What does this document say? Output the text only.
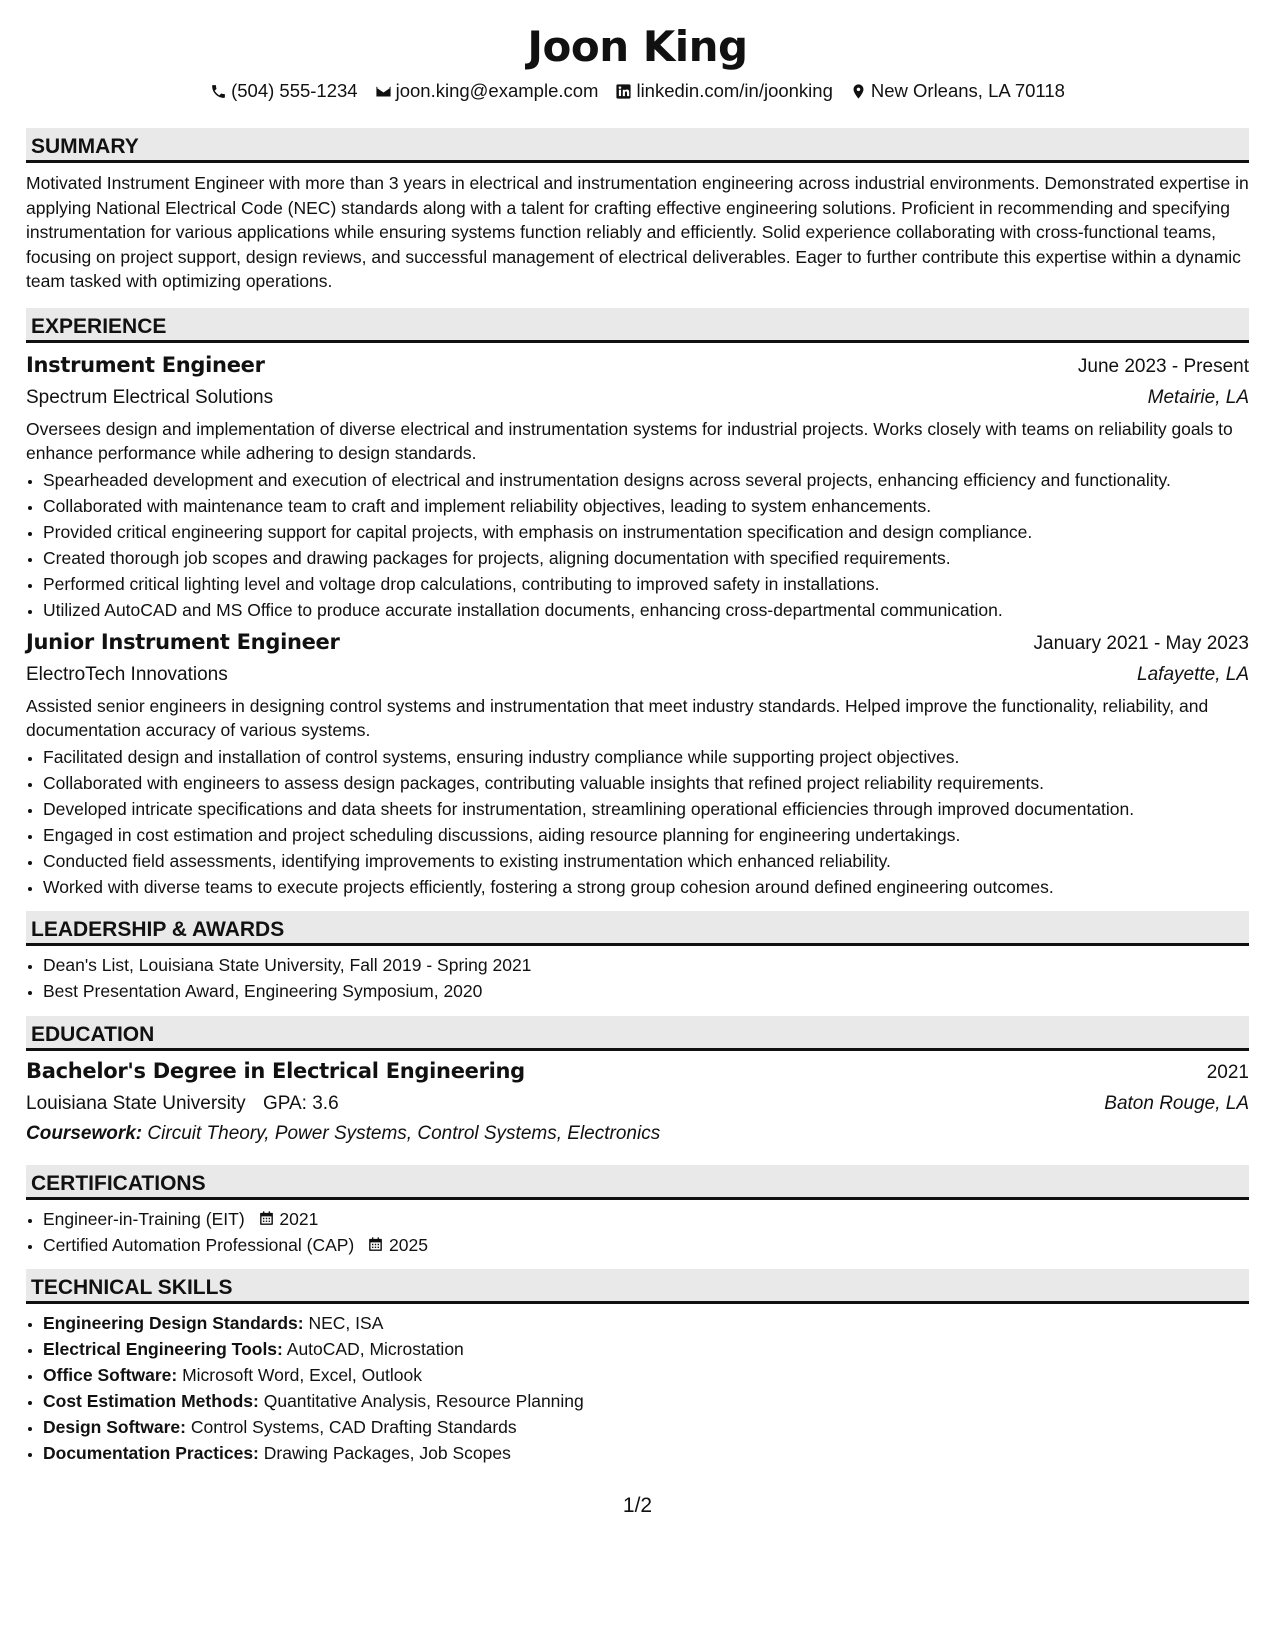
Joon King
(504) 555-1234 joon.king@example.com linkedin.com/in/joonking New Orleans, LA 70118
SUMMARY

Motivated Instrument Engineer with more than 3 years in electrical and instrumentation engineering across industrial environments. Demonstrated expertise in applying National Electrical Code (NEC) standards along with a talent for crafting effective engineering solutions. Proficient in recommending and specifying instrumentation for various applications while ensuring systems function reliably and efficiently. Solid experience collaborating with cross-functional teams, focusing on project support, design reviews, and successful management of electrical deliverables. Eager to further contribute this expertise within a dynamic team tasked with optimizing operations.

EXPERIENCE
Instrument Engineer	June 2023 - Present
Spectrum Electrical Solutions	Metairie, LA

Oversees design and implementation of diverse electrical and instrumentation systems for industrial projects. Works closely with teams on reliability goals to enhance performance while adhering to design standards.

• Spearheaded development and execution of electrical and instrumentation designs across several projects, enhancing efficiency and functionality.
• Collaborated with maintenance team to craft and implement reliability objectives, leading to system enhancements.
• Provided critical engineering support for capital projects, with emphasis on instrumentation specification and design compliance.
• Created thorough job scopes and drawing packages for projects, aligning documentation with specified requirements.
• Performed critical lighting level and voltage drop calculations, contributing to improved safety in installations.
• Utilized AutoCAD and MS Office to produce accurate installation documents, enhancing cross-departmental communication.
Junior Instrument Engineer	January 2021 - May 2023
ElectroTech Innovations	Lafayette, LA

Assisted senior engineers in designing control systems and instrumentation that meet industry standards. Helped improve the functionality, reliability, and documentation accuracy of various systems.

• Facilitated design and installation of control systems, ensuring industry compliance while supporting project objectives.
• Collaborated with engineers to assess design packages, contributing valuable insights that refined project reliability requirements.
• Developed intricate specifications and data sheets for instrumentation, streamlining operational efficiencies through improved documentation.
• Engaged in cost estimation and project scheduling discussions, aiding resource planning for engineering undertakings.
• Conducted field assessments, identifying improvements to existing instrumentation which enhanced reliability.
• Worked with diverse teams to execute projects efficiently, fostering a strong group cohesion around defined engineering outcomes.
LEADERSHIP & AWARDS
• Dean's List, Louisiana State University, Fall 2019 - Spring 2021
• Best Presentation Award, Engineering Symposium, 2020
EDUCATION
Bachelor's Degree in Electrical Engineering	2021
Louisiana State University GPA: 3.6	Baton Rouge, LA
Coursework: Circuit Theory, Power Systems, Control Systems, Electronics
CERTIFICATIONS
• Engineer-in-Training (EIT) 2021
• Certified Automation Professional (CAP) 2025
TECHNICAL SKILLS
• Engineering Design Standards: NEC, ISA
• Electrical Engineering Tools: AutoCAD, Microstation
• Office Software: Microsoft Word, Excel, Outlook
• Cost Estimation Methods: Quantitative Analysis, Resource Planning
• Design Software: Control Systems, CAD Drafting Standards
• Documentation Practices: Drawing Packages, Job Scopes
1/2
